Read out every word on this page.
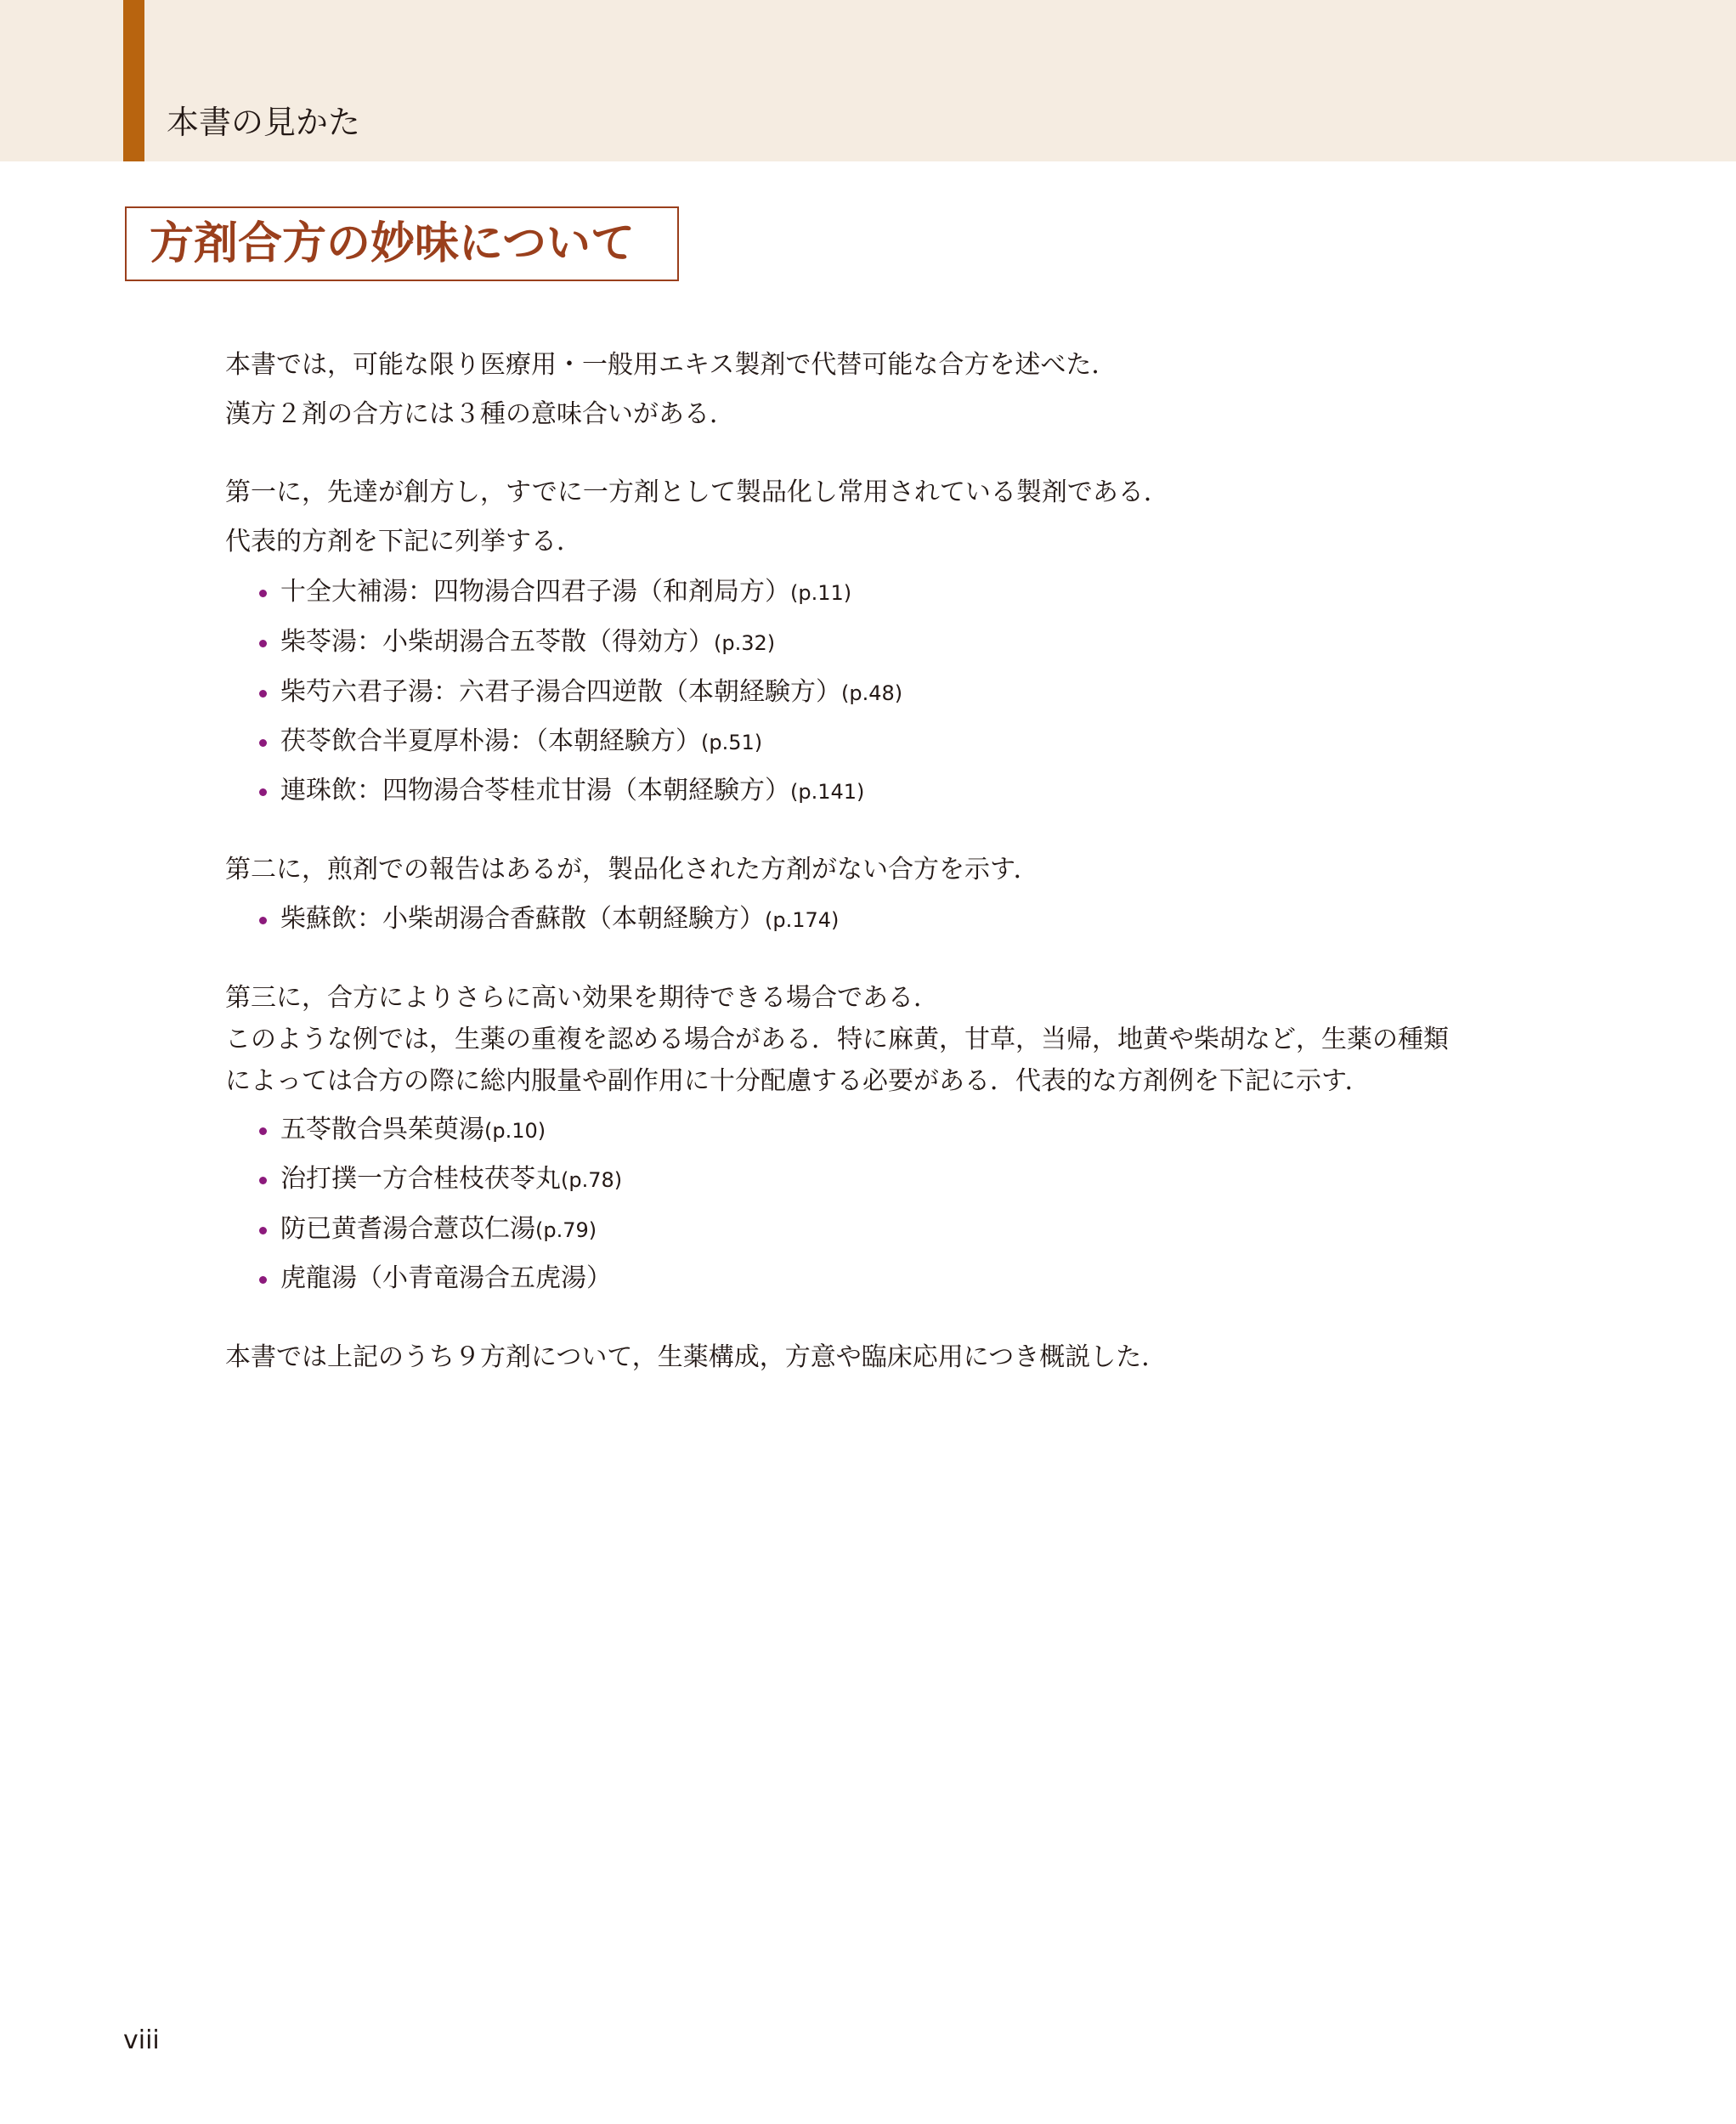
本書の見かた
方剤合方の妙味について
本書では，可能な限り医療用・一般用エキス製剤で代替可能な合方を述べた．
漢方２剤の合方には３種の意味合いがある．
第一に，先達が創方し，すでに一方剤として製品化し常用されている製剤である．
代表的方剤を下記に列挙する．
十全大補湯：四物湯合四君子湯（和剤局方）(p.11)
柴苓湯：小柴胡湯合五苓散（得効方）(p.32)
柴芍六君子湯：六君子湯合四逆散（本朝経験方）(p.48)
茯苓飲合半夏厚朴湯：（本朝経験方）(p.51)
連珠飲：四物湯合苓桂朮甘湯（本朝経験方）(p.141)
第二に，煎剤での報告はあるが，製品化された方剤がない合方を示す．
柴蘇飲：小柴胡湯合香蘇散（本朝経験方）(p.174)
第三に，合方によりさらに高い効果を期待できる場合である．
このような例では，生薬の重複を認める場合がある．特に麻黄，甘草，当帰，地黄や柴胡など，生薬の種類
によっては合方の際に総内服量や副作用に十分配慮する必要がある．代表的な方剤例を下記に示す．
五苓散合呉茱萸湯(p.10)
治打撲一方合桂枝茯苓丸(p.78)
防已黄耆湯合薏苡仁湯(p.79)
虎龍湯（小青竜湯合五虎湯）
本書では上記のうち９方剤について，生薬構成，方意や臨床応用につき概説した．
viii
